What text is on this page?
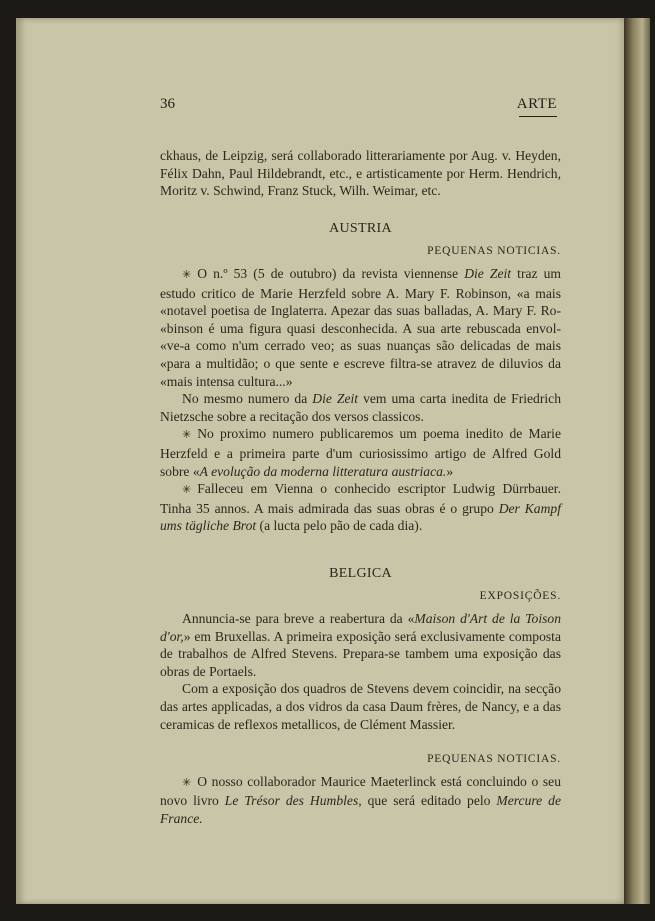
36	ARTE

ckhaus, de Leipzig, será collaborado litterariamente por Aug. v. Heyden, Félix Dahn, Paul Hildebrandt, etc., e artisticamente por Herm. Hendrich, Moritz v. Schwind, Franz Stuck, Wilh. Weimar, etc.

AUSTRIA
PEQUENAS NOTICIAS.

✳ O n.º 53 (5 de outubro) da revista viennense Die Zeit traz um estudo critico de Marie Herzfeld sobre A. Mary F. Robinson, «a mais «notavel poetisa de Inglaterra. Apezar das suas balladas, A. Mary F. Ro- «binson é uma figura quasi desconhecida. A sua arte rebuscada envol- «ve-a como n'um cerrado veo; as suas nuanças são delicadas de mais «para a multidão; o que sente e escreve filtra-se atravez de diluvios da «mais intensa cultura...»

No mesmo numero da Die Zeit vem uma carta inedita de Friedrich Nietzsche sobre a recitação dos versos classicos.

✳ No proximo numero publicaremos um poema inedito de Marie Herzfeld e a primeira parte d'um curiosissimo artigo de Alfred Gold sobre «A evolução da moderna litteratura austriaca.»

✳ Falleceu em Vienna o conhecido escriptor Ludwig Dürrbauer. Tinha 35 annos. A mais admirada das suas obras é o grupo Der Kampf ums tägliche Brot (a lucta pelo pão de cada dia).

BELGICA
EXPOSIÇÕES.

Annuncia-se para breve a reabertura da «Maison d'Art de la Toison d'or,» em Bruxellas. A primeira exposição será exclusivamente composta de trabalhos de Alfred Stevens. Prepara-se tambem uma exposição das obras de Portaels.

Com a exposição dos quadros de Stevens devem coincidir, na secção das artes applicadas, a dos vidros da casa Daum frères, de Nancy, e a das ceramicas de reflexos metallicos, de Clément Massier.

PEQUENAS NOTICIAS.

✳ O nosso collaborador Maurice Maeterlinck está concluindo o seu novo livro Le Trésor des Humbles, que será editado pelo Mercure de France.
